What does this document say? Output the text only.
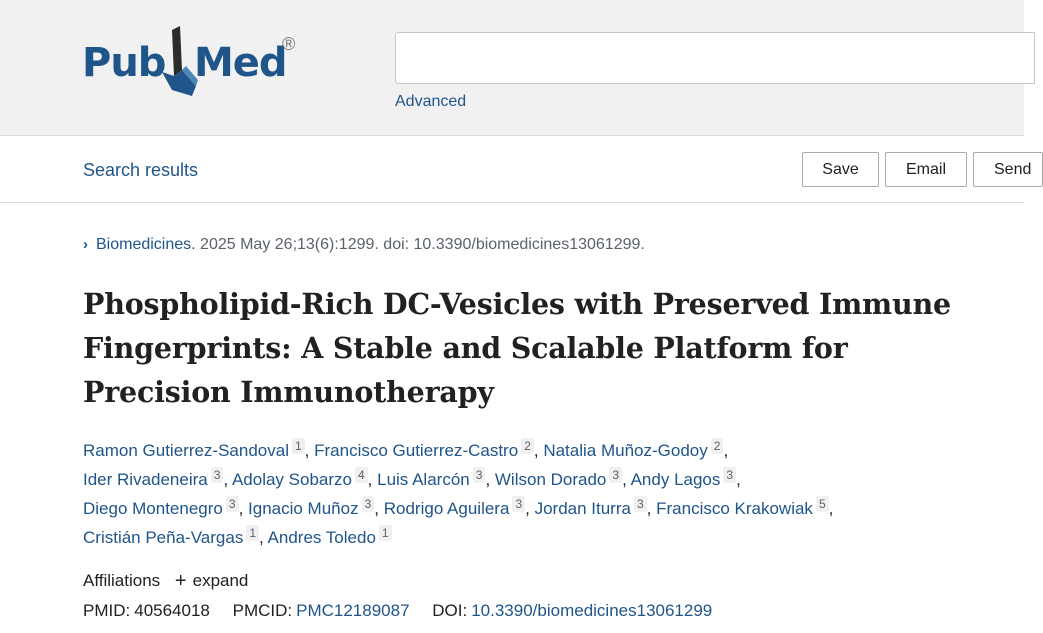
Pub Med
®
Advanced
Search results	Save	Email	Send
› Biomedicines. 2025 May 26;13(6):1299. doi: 10.3390/biomedicines13061299.
Phospholipid-Rich DC-Vesicles with Preserved Immune Fingerprints: A Stable and Scalable Platform for Precision Immunotherapy
Ramon Gutierrez-Sandoval 1 , Francisco Gutierrez-Castro 2 , Natalia Muñoz-Godoy 2 ,
Ider Rivadeneira 3 , Adolay Sobarzo 4 , Luis Alarcón 3 , Wilson Dorado 3 , Andy Lagos 3 ,
Diego Montenegro 3 , Ignacio Muñoz 3 , Rodrigo Aguilera 3 , Jordan Iturra 3 , Francisco Krakowiak 5 ,
Cristián Peña-Vargas 1 , Andres Toledo 1
Affiliations + expand
PMID: 40564018 PMCID: PMC12189087 DOI: 10.3390/biomedicines13061299
